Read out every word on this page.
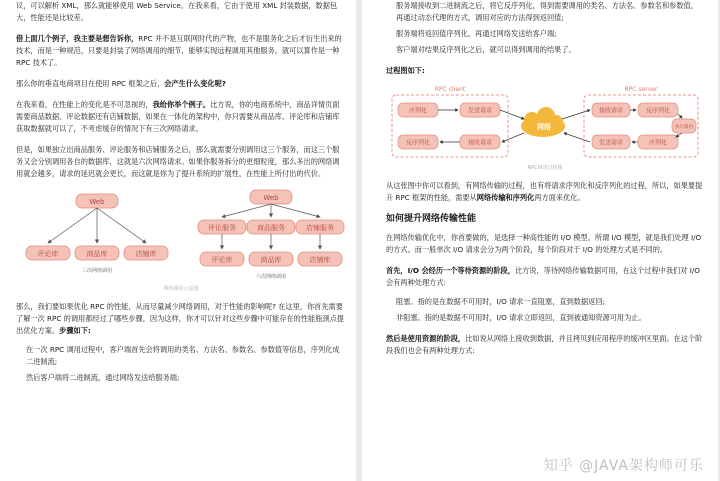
议，可以解析 XML，那么就能够使用 Web Service。在我来看，它由于使用 XML 封装数据，数据包大，性能还是比较差。

借上面几个例子，我主要是想告诉你，RPC 并不是互联网时代的产物，也不是服务化之后才衍生出来的技术，而是一种规范，只要是封装了网络调用的细节，能够实现远程调用其他服务，就可以算作是一种 RPC 技术了。

那么你的垂直电商项目在使用 RPC 框架之后，会产生什么变化呢?

在我来看，在性能上的变化是不可忽视的，我给你举个例子。比方说，你的电商系统中，商品详情页面需要商品数据、评论数据还有店铺数据，如果在一体化的架构中，你只需要从商品库、评论库和店铺库获取数据就可以了，不考虑缓存的情况下有三次网络请求。

但是，如果独立出商品服务、评论服务和店铺服务之后，那么就需要分别调用这三个服务，而这三个服务又会分别调用各自的数据库，这就是六次网络请求。如果你服务拆分的更细粒度，那么多出的网络调用就会越多，请求的延迟就会更长，而这就是你为了提升系统的扩展性，在性能上所付出的代价。

Web
评论库	商品库	店铺库
三次网络调用
Web
评论服务	商品服务	店铺服务
评论库	商品库	店铺库
六次网络调用
网络调用示意图

那么，我们要如果优化 RPC 的性能，从而尽量减少网络调用，对于性能的影响呢? 在这里，你首先需要了解一次 RPC 的调用都经过了哪些步骤，因为这样，你才可以针对这些步骤中可能存在的性能瓶颈点提出优化方案。步骤如下:

在一次 RPC 调用过程中，客户端首先会将调用的类名、方法名、参数名、参数值等信息，序列化成二进制流;

然后客户端将二进制流，通过网络发送给服务端;

服务端接收到二进制流之后，将它反序列化，得到需要调用的类名、方法名、参数名和参数值，再通过动态代理的方式，调用对应的方法得到返回值;

服务端将返回值序列化，再通过网络发送给客户端;

客户端对结果反序列化之后，就可以得到调用的结果了。

过程图如下:

RPC client
序列化	发送请求
反序列化	接收请求
网络
RPC server
接收请求	反序列化
发送请求	序列化
执行调用
RPC调用过程图

从这张图中你可以看到，有网络传输的过程，也有将请求序列化和反序列化的过程，所以，如果要提升 RPC 框架的性能，需要从网络传输和序列化两方面来优化。

如何提升网络传输性能

在网络传输优化中，你首要做的，是选择一种高性能的 I/O 模型。所谓 I/O 模型，就是我们处理 I/O 的方式。而一般单次 I/O 请求会分为两个阶段，每个阶段对于 I/O 的处理方式是不同的。

首先，I/O 会经历一个等待资源的阶段，比方说，等待网络传输数据可用，在这个过程中我们对 I/O 会有两种处理方式:

阻塞。指的是在数据不可用时，I/O 请求一直阻塞，直到数据返回;

非阻塞。指的是数据不可用时，I/O 请求立即返回，直到被通知资源可用为止。

然后是使用资源的阶段，比如说从网络上接收到数据，并且拷贝到应用程序的缓冲区里面。在这个阶段我们也会有两种处理方式:

知乎 @JAVA架构师可乐
